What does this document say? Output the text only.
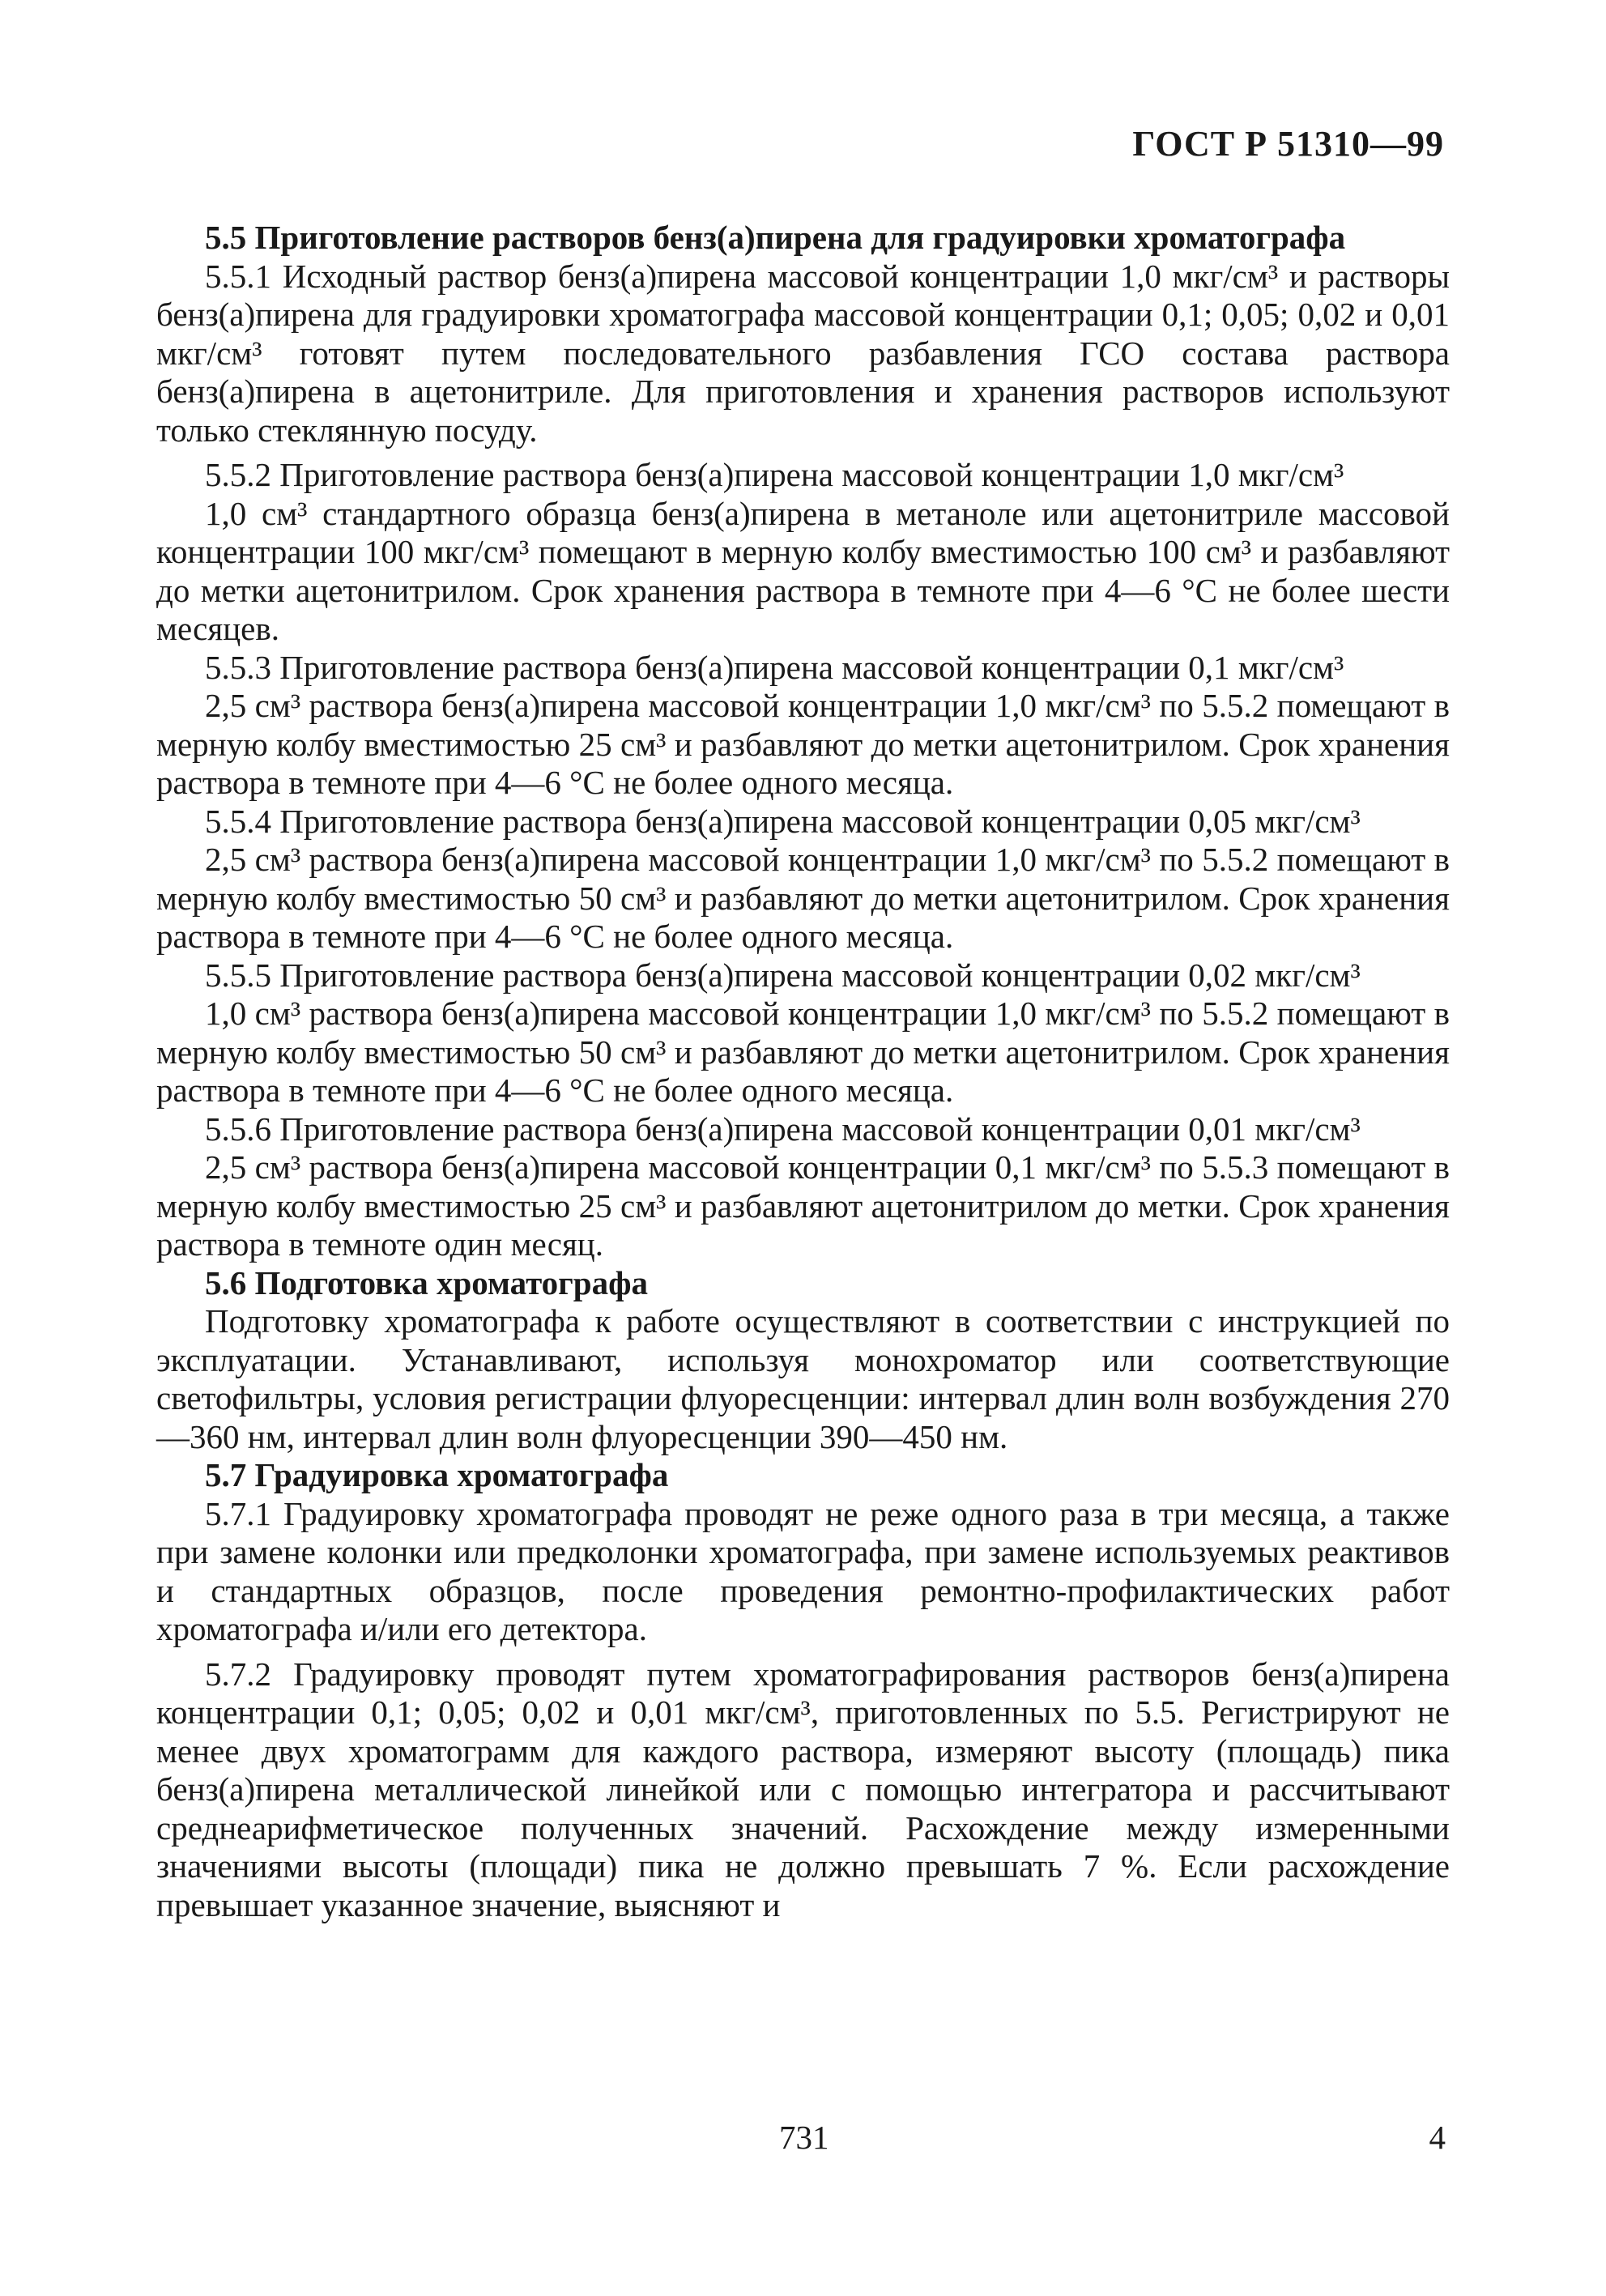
ГОСТ Р 51310—99
5.5 Приготовление растворов бенз(а)пирена для градуировки хроматографа

5.5.1 Исходный раствор бенз(а)пирена массовой концентрации 1,0 мкг/см³ и растворы бенз(а)пирена для градуировки хроматографа массовой концентрации 0,1; 0,05; 0,02 и 0,01 мкг/см³ готовят путем последовательного разбавления ГСО состава раствора бенз(а)пирена в ацетонитриле. Для приготовления и хранения растворов используют только стеклянную посуду.

5.5.2 Приготовление раствора бенз(а)пирена массовой концентрации 1,0 мкг/см³

1,0 см³ стандартного образца бенз(а)пирена в метаноле или ацетонитриле массовой концентрации 100 мкг/см³ помещают в мерную колбу вместимостью 100 см³ и разбавляют до метки ацетонитрилом. Срок хранения раствора в темноте при 4—6 °С не более шести месяцев.

5.5.3 Приготовление раствора бенз(а)пирена массовой концентрации 0,1 мкг/см³

2,5 см³ раствора бенз(а)пирена массовой концентрации 1,0 мкг/см³ по 5.5.2 помещают в мерную колбу вместимостью 25 см³ и разбавляют до метки ацетонитрилом. Срок хранения раствора в темноте при 4—6 °С не более одного месяца.

5.5.4 Приготовление раствора бенз(а)пирена массовой концентрации 0,05 мкг/см³

2,5 см³ раствора бенз(а)пирена массовой концентрации 1,0 мкг/см³ по 5.5.2 помещают в мерную колбу вместимостью 50 см³ и разбавляют до метки ацетонитрилом. Срок хранения раствора в темноте при 4—6 °С не более одного месяца.

5.5.5 Приготовление раствора бенз(а)пирена массовой концентрации 0,02 мкг/см³

1,0 см³ раствора бенз(а)пирена массовой концентрации 1,0 мкг/см³ по 5.5.2 помещают в мерную колбу вместимостью 50 см³ и разбавляют до метки ацетонитрилом. Срок хранения раствора в темноте при 4—6 °С не более одного месяца.

5.5.6 Приготовление раствора бенз(а)пирена массовой концентрации 0,01 мкг/см³

2,5 см³ раствора бенз(а)пирена массовой концентрации 0,1 мкг/см³ по 5.5.3 помещают в мерную колбу вместимостью 25 см³ и разбавляют ацетонитрилом до метки. Срок хранения раствора в темноте один месяц.

5.6 Подготовка хроматографа

Подготовку хроматографа к работе осуществляют в соответствии с инструкцией по эксплуатации. Устанавливают, используя монохроматор или соответствующие светофильтры, условия регистрации флуоресценции: интервал длин волн возбуждения 270—360 нм, интервал длин волн флуоресценции 390—450 нм.

5.7 Градуировка хроматографа

5.7.1 Градуировку хроматографа проводят не реже одного раза в три месяца, а также при замене колонки или предколонки хроматографа, при замене используемых реактивов и стандартных образцов, после проведения ремонтно-профилактических работ хроматографа и/или его детектора.

5.7.2 Градуировку проводят путем хроматографирования растворов бенз(а)пирена концентрации 0,1; 0,05; 0,02 и 0,01 мкг/см³, приготовленных по 5.5. Регистрируют не менее двух хроматограмм для каждого раствора, измеряют высоту (площадь) пика бенз(а)пирена металлической линейкой или с помощью интегратора и рассчитывают среднеарифметическое полученных значений. Расхождение между измеренными значениями высоты (площади) пика не должно превышать 7 %. Если расхождение превышает указанное значение, выясняют и

731	4
